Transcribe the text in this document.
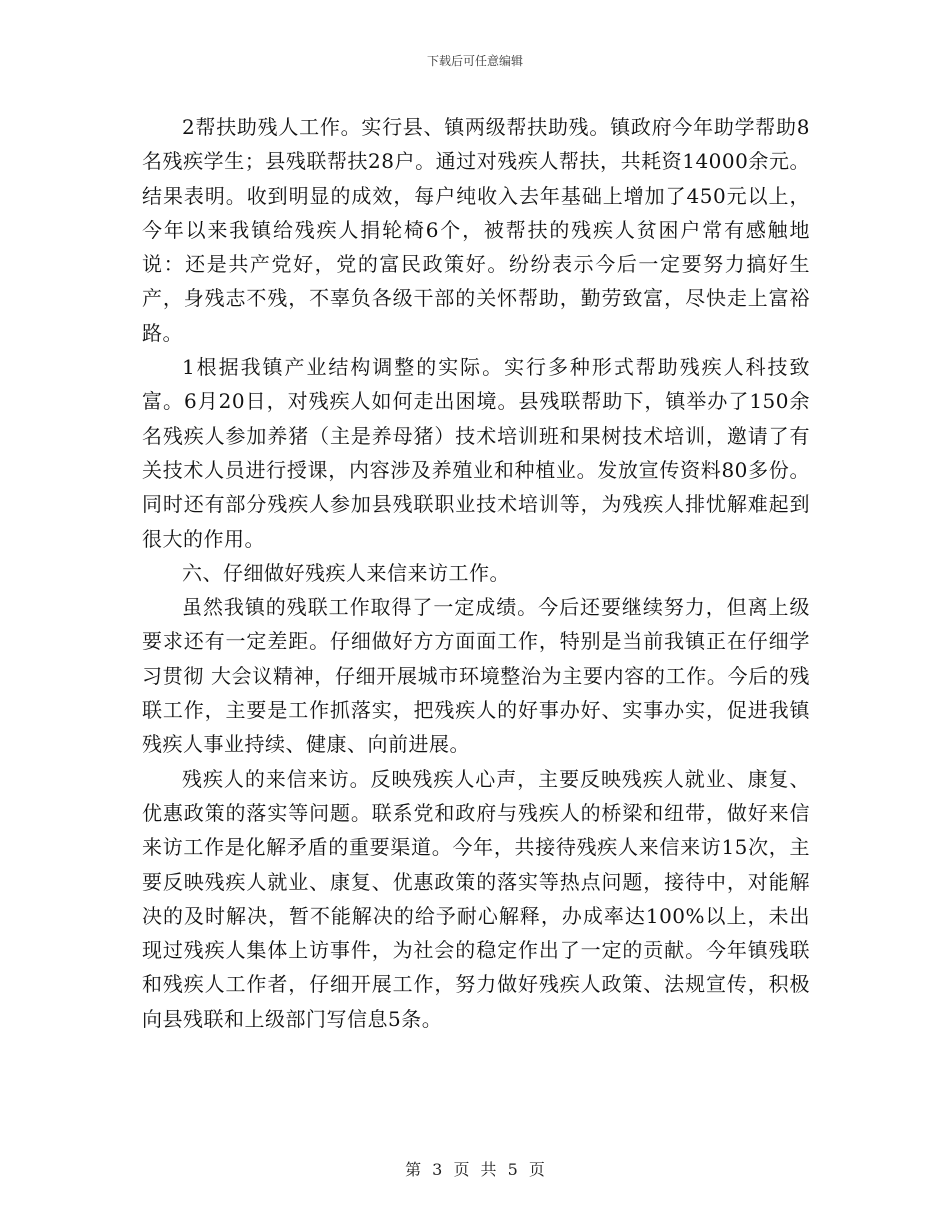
下载后可任意编辑

2帮扶助残人工作。实行县、镇两级帮扶助残。镇政府今年助学帮助8名残疾学生；县残联帮扶28户。通过对残疾人帮扶，共耗资14000余元。结果表明。收到明显的成效，每户纯收入去年基础上增加了450元以上，今年以来我镇给残疾人捐轮椅6个，被帮扶的残疾人贫困户常有感触地说：还是共产党好，党的富民政策好。纷纷表示今后一定要努力搞好生产，身残志不残，不辜负各级干部的关怀帮助，勤劳致富，尽快走上富裕路。

1根据我镇产业结构调整的实际。实行多种形式帮助残疾人科技致富。6月20日，对残疾人如何走出困境。县残联帮助下，镇举办了150余名残疾人参加养猪（主是养母猪）技术培训班和果树技术培训，邀请了有关技术人员进行授课，内容涉及养殖业和种植业。发放宣传资料80多份。同时还有部分残疾人参加县残联职业技术培训等，为残疾人排忧解难起到很大的作用。

六、仔细做好残疾人来信来访工作。

虽然我镇的残联工作取得了一定成绩。今后还要继续努力，但离上级要求还有一定差距。仔细做好方方面面工作，特别是当前我镇正在仔细学习贯彻 大会议精神，仔细开展城市环境整治为主要内容的工作。今后的残联工作，主要是工作抓落实，把残疾人的好事办好、实事办实，促进我镇残疾人事业持续、健康、向前进展。

残疾人的来信来访。反映残疾人心声，主要反映残疾人就业、康复、优惠政策的落实等问题。联系党和政府与残疾人的桥梁和纽带，做好来信来访工作是化解矛盾的重要渠道。今年，共接待残疾人来信来访15次，主要反映残疾人就业、康复、优惠政策的落实等热点问题，接待中，对能解决的及时解决，暂不能解决的给予耐心解释，办成率达100%以上，未出现过残疾人集体上访事件，为社会的稳定作出了一定的贡献。今年镇残联和残疾人工作者，仔细开展工作，努力做好残疾人政策、法规宣传，积极向县残联和上级部门写信息5条。

第 3 页 共 5 页
